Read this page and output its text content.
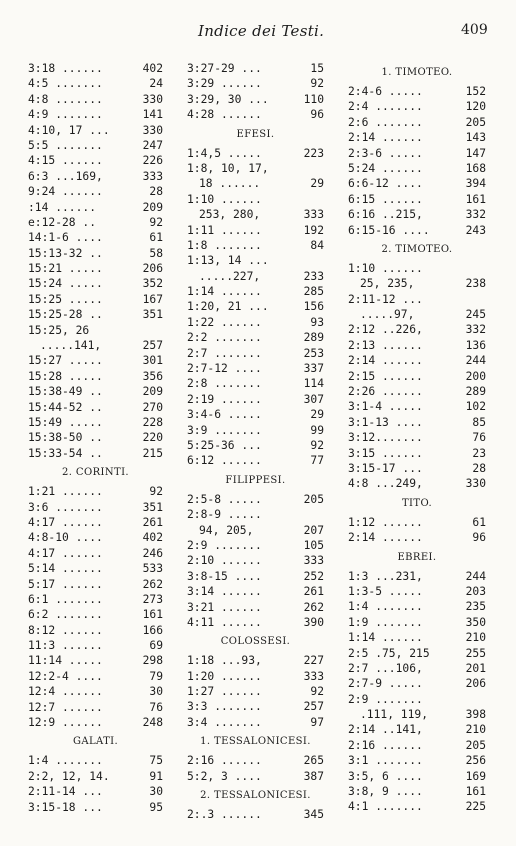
Indice dei Testi.	409
3:18 ......	402
4:5 .......	24
4:8 .......	330
4:9 .......	141
4:10, 17 ...	330
5:5 .......	247
4:15 ......	226
6:3 ...169,	333
9:24 ......	28
:14 ......	209
e:12-28 ..	92
14:1-6 ....	61
15:13-32 ..	58
15:21 .....	206
15:24 .....	352
15:25 .....	167
15:25-28 ..	351
15:25, 26
.....141,	257
15:27 .....	301
15:28 .....	356
15:38-49 ..	209
15:44-52 ..	270
15:49 .....	228
15:38-50 ..	220
15:33-54 ..	215
2. CORINTI.
1:21 ......	92
3:6 .......	351
4:17 ......	261
4:8-10 ....	402
4:17 ......	246
5:14 ......	533
5:17 ......	262
6:1 .......	273
6:2 .......	161
8:12 ......	166
11:3 ......	69
11:14 .....	298
12:2-4 ....	79
12:4 ......	30
12:7 ......	76
12:9 ......	248
GALATI.
1:4 .......	75
2:2, 12, 14.	91
2:11-14 ...	30
3:15-18 ...	95
3:27-29 ...	15
3:29 ......	92
3:29, 30 ...	110
4:28 ......	96
EFESI.
1:4,5 .....	223
1:8, 10, 17,
18 ......	29
1:10 ......
253, 280,	333
1:11 ......	192
1:8 .......	84
1:13, 14 ...
.....227,	233
1:14 ......	285
1:20, 21 ...	156
1:22 ......	93
2:2 .......	289
2:7 .......	253
2:7-12 ....	337
2:8 .......	114
2:19 ......	307
3:4-6 .....	29
3:9 .......	99
5:25-36 ...	92
6:12 ......	77
FILIPPESI.
2:5-8 .....	205
2:8-9 .....
94, 205,	207
2:9 .......	105
2:10 ......	333
3:8-15 ....	252
3:14 ......	261
3:21 ......	262
4:11 ......	390
COLOSSESI.
1:18 ...93,	227
1:20 ......	333
1:27 ......	92
3:3 .......	257
3:4 .......	97
1. TESSALONICESI.
2:16 ......	265
5:2, 3 ....	387
2. TESSALONICESI.
2:.3 ......	345
1. TIMOTEO.
2:4-6 .....	152
2:4 .......	120
2:6 .......	205
2:14 ......	143
2:3-6 .....	147
5:24 ......	168
6:6-12 ....	394
6:15 ......	161
6:16 ..215,	332
6:15-16 ....	243
2. TIMOTEO.
1:10 ......
25, 235,	238
2:11-12 ...
.....97,	245
2:12 ..226,	332
2:13 ......	136
2:14 ......	244
2:15 ......	200
2:26 ......	289
3:1-4 .....	102
3:1-13 ....	85
3:12.......	76
3:15 ......	23
3:15-17 ...	28
4:8 ...249,	330
TITO.
1:12 ......	61
2:14 ......	96
EBREI.
1:3 ...231,	244
1:3-5 .....	203
1:4 .......	235
1:9 .......	350
1:14 ......	210
2:5 .75, 215	255
2:7 ...106,	201
2:7-9 .....	206
2:9 .......
.111, 119,	398
2:14 ..141,	210
2:16 ......	205
3:1 .......	256
3:5, 6 ....	169
3:8, 9 ....	161
4:1 .......	225
